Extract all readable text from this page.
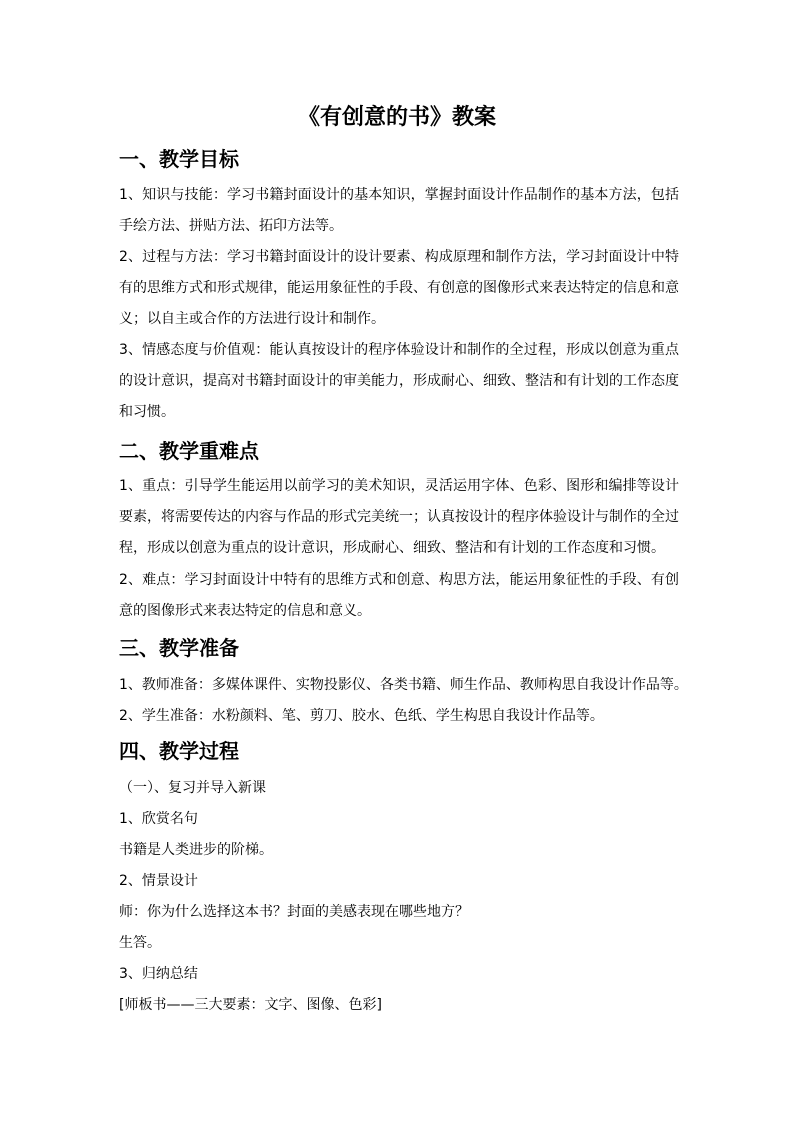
《有创意的书》教案
一、教学目标
1、知识与技能：学习书籍封面设计的基本知识，掌握封面设计作品制作的基本方法，包括手绘方法、拼贴方法、拓印方法等。
2、过程与方法：学习书籍封面设计的设计要素、构成原理和制作方法，学习封面设计中特有的思维方式和形式规律，能运用象征性的手段、有创意的图像形式来表达特定的信息和意义；以自主或合作的方法进行设计和制作。
3、情感态度与价值观：能认真按设计的程序体验设计和制作的全过程，形成以创意为重点的设计意识，提高对书籍封面设计的审美能力，形成耐心、细致、整洁和有计划的工作态度和习惯。
二、教学重难点
1、重点：引导学生能运用以前学习的美术知识，灵活运用字体、色彩、图形和编排等设计要素，将需要传达的内容与作品的形式完美统一；认真按设计的程序体验设计与制作的全过程，形成以创意为重点的设计意识，形成耐心、细致、整洁和有计划的工作态度和习惯。
2、难点：学习封面设计中特有的思维方式和创意、构思方法，能运用象征性的手段、有创意的图像形式来表达特定的信息和意义。
三、教学准备
1、教师准备：多媒体课件、实物投影仪、各类书籍、师生作品、教师构思自我设计作品等。
2、学生准备：水粉颜料、笔、剪刀、胶水、色纸、学生构思自我设计作品等。
四、教学过程
（一）、复习并导入新课
1、欣赏名句
书籍是人类进步的阶梯。
2、情景设计
师：你为什么选择这本书？封面的美感表现在哪些地方？
生答。
3、归纳总结
[师板书——三大要素：文字、图像、色彩]
